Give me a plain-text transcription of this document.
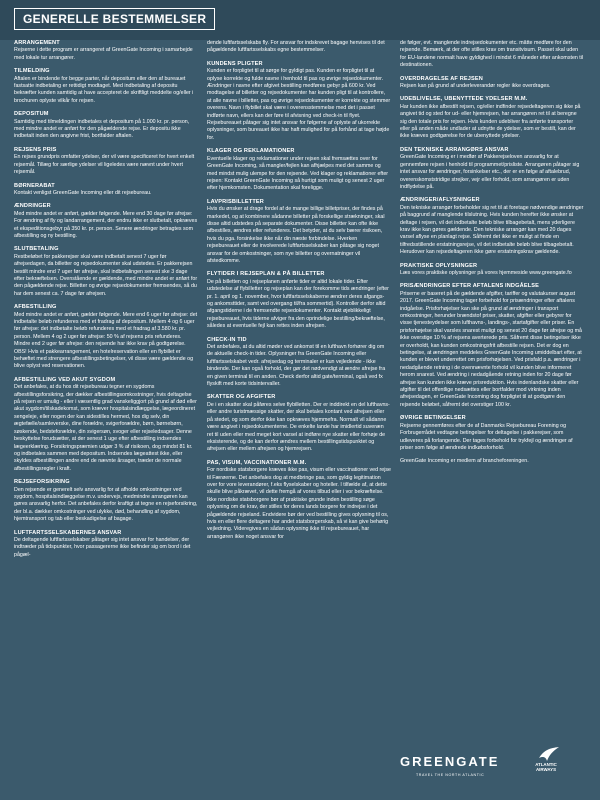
GENERELLE BESTEMMELSER
ARRANGEMENT
Rejserne i dette program er arrangeret af GreenGate Incoming i samarbejde med lokale tur arrangører.
TILMELDING
Aftalen er bindende for begge parter, når depositum eller den af bureauet fastsatte indbetaling er rettidigt modtaget. Med indbetaling af depositu bekræfter kunden samtidig at have accepteret de skriftligt meddelte og/eller i brochuren oplyste vilkår for rejsen.
DEPOSITUM
Samtidig med tilmeldingen indbetales et depositum på 1.000 kr. pr. person, med mindre andet er anført for den pågældende rejse. Er depositu ikke indbetalt inden den angivne frist, bortfalder aftalen.
REJSENS PRIS
En rejses grundpris omfatter ydelser, der vil være specificeret for hvert enkelt rejsemål. Tillæg for særlige ydelser vil ligeledes være nævnt under hvert rejsemål.
BØRNERABAT
Kontakt venligst GreenGate Incoming eller dit rejsebureau.
ÆNDRINGER
Med mindre andet er anført, gælder følgende. Mere end 30 dage før afrejse: For ændring af fly og landarrangement, der endnu ikke er slutbetalt, opkræves et ekspeditionsgebyr på 350 kr. pr. person. Senere ændringer betragtes som afbestilling og ny bestilling.
SLUTBETALING
Restbeløbet for pakkerejser skal være indbetalt senest 7 uger før afrejsedagen, da billetter og rejsedokumenter skal udstedes. Er pakkerejsen bestilt mindre end 7 uger før afrejse, skal indbetalingen senest ske 3 dage efter bekræftelsen. Ovenstående er gældende, med mindre andet er anført for den pågældende rejse. Billetter og øvrige rejsedokumenter fremsendes, så du har dem senest ca. 7 dage før afrejsen.
AFBESTILLING
Med mindre andet er anført, gælder følgende. Mere end 6 uger før afrejse: det indbetalte beløb refunderes med et fradrag af depositum. Mellem 4 og 6 uger før afrejse: det indbetalte beløb refunderes med et fradrag af 3.580 kr. pr. person. Mellem 4 og 2 uger før afrejse: 50 % af rejsens pris refunderes. Mindre end 2 uger før afrejse: den rejsende har ikke krav på godtgørelse. OBS! Hvis et pakkearrangement, en hotelreservation eller en flybillet er behæftet med strengere afbestillingsbetingelser, vil disse være gældende og blive oplyst ved reservationen.
AFBESTILLING VED AKUT SYGDOM
Det anbefales, at du hos dit rejsebureau tegner en sygdoms afbestillingsforsikring, der dækker afbestillingsomkostninger, hvis deltagelse på rejsen er umulig - eller i væsentlig grad vanskeliggjort på grund af død eller akut sygdom/tilskadekomst, som kræver hospitalsindlæggelse, lægeordineret sengeleje, eller nogen der kan sidestilles hermed, hos dig selv, din ægtefælle/samleverske, dine forældre, svigerforældre, børn, børnebørn, søskende, bedsteforældre, din svigersøn, svoger eller rejseledsager. Denne beskyttelse forudsætter, at der senest 1 uge efter afbestilling indsendes lægeerklæring. Forsikringspræmien udgør 3 % af risikoen, dog mindst 81 kr. og indbetales sammen med depositum. Indsendes lægeattest ikke, eller skyldes afbestillingen andre end de nævnte årsager, træder de normale afbestillingsregler i kraft.
REJSEFORSIKRING
Den rejsende er generelt selv ansvarlig for at afholde omkostninger ved sygdom, hospitalsindlæggelse m.v. undervejs, medmindre arrangøren kan gøres ansvarlig herfor. Det anbefales derfor kraftigt at tegne en rejseforsikring, der bl.a. dækker omkostninger ved ulykke, død, behandling af sygdom, hjemtransport og tab eller beskadigelse af bagage.
LUFTFARTSSELSKABERNES ANSVAR
De deltagende luftfartsselskaber påtager sig intet ansvar for handelser, der indtræder på tidspunkter, hvor passagererne ikke befinder sig om bord i det pågæl-
dende luftfartsselskabs fly. For ansvar for indskrevet bagage henvises til det pågældende luftfartsselskabs egne bestemmelser.
KUNDENS PLIGTER
Kunden er forpligtet til at sørge for gyldigt pas. Kunden er forpligtet til at oplyse korrekte og fulde navne i henhold til pas og øvrige rejsedokumenter. Ændringer i navne efter afgivet bestilling medføres gebyr på 600 kr. Ved modtagelse af billetter og rejsedokumenter har kunden pligt til at kontrollere, at alle navne i billetter, pas og øvrige rejsedokumenter er korrekte og stemmer overens. Navn i flybillet skal være i overensstemmelse med det i passet indførte navn, ellers kan der føre til afvisning ved check-in til flyet. Rejsebureauet påtager sig intet ansvar for følgerne af oplyste af ukorrekte oplysninger, som bureauet ikke har haft mulighed for på forhånd at tage højde for.
KLAGER OG REKLAMATIONER
Eventuelle klager og reklamationer under rejsen skal fremsættes over for GreenGate Incoming, så mangler/fejlen kan afhjælpes med det samme og med mindst mulig ulempe for den rejsende. Ved klager og reklamationer efter rejsen: Kontakt GreenGate Incoming så hurtigt som muligt og senest 2 uger efter hjemkomsten. Dokumentation skal foreligge.
LAVPRISBILLETTER
Hvis du ønsker at drage fordel af de mange billige billetpriser, der findes på markedet, og at kombinere sådanne billetter på forskellige strækninger, skal disse altid udstedes på separate dokumenter. Disse billetter kan ofte ikke afbestilles, ændres eller refunderes. Det betyder, at du selv bærer risikoen, hvis du pga. forsinkelse ikke når din næste forbindelse. Hverken rejsebureauet eller de involverede luftfartsselskaber kan påtage sig noget ansvar for de omkostninger, som nye billetter og overnatninger vil afstedkomme.
FLYTIDER I REJSEPLAN & PÅ BILLETTER
De på billetten og i rejseplanen anførte tider er altid lokale tider. Efter udstedelse af flybilletter og rejseplan kan der forekomme tids ændringer (efter pr. 1. april og 1. november, hvor luftfartsselskaberne ændrer deres afgangs- og ankomsttider, samt ved overgang til/fra sommertid). Kontroller derfor altid afgangstiderne i de fremsendte rejsedokumenter. Kontakt øjeblikkeligt rejsebureauet, hvis tiderne afviger fra den oprindelige bestilling/bekræftelse, således at eventuelle fejl kan rettes inden afrejsen.
CHECK-IN TID
Det anbefales, at du altid møder ved ankomst til en lufthavn forhører dig om de aktuelle check-in tider. Oplysninger fra GreenGate Incoming eller luftfartsselskabet vedr. afrejsedag og terminaler er kun vejledende - ikke bindende. Der kan også forhold, der gør det nødvendigt at ændre afrejse fra en given terminal til en anden. Check derfor altid gate/terminal, også ved fx flyskift med korte tidsintervaller.
SKATTER OG AFGIFTER
De i en skatter skal påføres selve flybilletten. Der er inddirekt en del lufthavns- eller andre turistmæssige skatter, der skal betales kontant ved afrejsen eller på stedet, og som derfor ikke kan opkræves hjemmefra. Normalt vil sådanne være angivet i rejsedokumenterne. De enkelte lande har imidlertid suveræn ret til uden eller med meget kort varsel at indføre nye skatter eller forhøje de eksisterende, og de kan derfor ændres mellem bestillingstidspunktet og afrejsen eller mellem afrejsen og hjemrejsen.
PAS, VISUM, VACCINATIONER M.M.
For nordiske statsborgere kræves ikke pas, visum eller vaccinationer ved rejse til Færøerne. Det anbefales dog at medbringe pas, som gyldig legitimation over for vore leverandører, f.eks flyselskaber og hoteller. I tilfælde af, at dette skulle blive påkrævet, vil dette fremgå af vores tilbud eller i vor bekræftelse. Ikke nordiske statsborgere bør af praktiske grunde inden bestilling søge oplysning om de krav, der stilles for deres lands borgere for indrejse i det pågældende rejseland. Endvidere bør der ved bestilling gives oplysning til os, hvis en eller flere deltagere har andet statsborgerskab, så vi kan give behørig vejledning. Videregives en sådan oplysning ikke til rejsebureauet, har arrangøren ikke noget ansvar for
de følger, evt. manglende indrejsedokumenter etc. måtte medføre for den rejsende. Bemærk, at der ofte stilles krav om transitvisum. Passet skal uden for EU-landene normalt have gyldighed i mindst 6 måneder efter ankomsten til destinationen.
OVERDRAGELSE AF REJSEN
Rejsen kan på grund af underleverandør regler ikke overdrages.
UDEBLIVELSE, UBENYTTEDE YDELSER M.M.
Har kunden ikke afbestilt rejsen, og/eller indfinder rejsedeltageren sig ikke på angivet tid og sted for ud- eller hjemrejsen, har arrangøren ret til at beregne sig den totale pris for rejsen. Hvis kunden udebliver fra anførte transporter eller på anden måde undlader at udnytte de ydelser, som er bestilt, kan der ikke kræves godtgørelse for de ubenyttede ydelser.
DEN TEKNISKE ARRANGØRS ANSVAR
GreenGate Incoming er i medfør af Pakkerejseloven ansvarlig for at gennemføre rejsen i henhold til programmet/prisliste. Arrangøren påtager sig intet ansvar for ændringer, forsinkelser etc., der er en følge af aftalebrud, overenskomststridige strejker, vejr eller forhold, som arrangøren er uden indflydelse på.
ÆNDRINGER/AFLYSNINGER
Den tekniske arrangør forbeholder sig ret til at foretage nødvendige ændringer på baggrund af manglende tilslutning. Hvis kunden herefter ikke ønsker at deltage i rejsen, vil det indbetalte beløb blive tilbagebetalt, mens yderligere krav ikke kan gøres gældende. Den tekniske arrangør kan med 20 dages varsel aflyse en planlagt rejse. Såfremt det ikke er muligt at finde en tilfredsstillende erstatningsrejse, vil det indbetalte beløb blive tilbagebetalt. Herudover kan rejsedeltageren ikke gøre erstatningskrav gældende.
PRAKTISKE OPLYSNINGER
Læs vores praktiske oplysninger på vores hjemmeside www.greengate.fo
PRISÆNDRINGER EFTER AFTALENS INDGÅELSE
Priserne er baseret på de gældende afgifter, tariffer og valutakurser august 2017. GreenGate Incoming tager forbehold for prisændringer efter aftalens indgåelse. Prisforhøjelser kan ske på grund af ændringer i transport omkostninger, herunder brændstof priser, skatter, afgifter eller gebyrer for visse tjenesteydelser som lufthavns-, landings-, startafgifter eller priser. En prisforhøjelse skal varsles snarest muligt og senest 20 dage før afrejse og må ikke overstige 10 % af rejsens averterede pris. Såfremt disse betingelser ikke er overholdt, kan kunden omkostningsfrit afbestille rejsen. Det er dog en betingelse, at ændringen meddeles GreenGate Incoming umiddelbart efter, at kunden er blevet underrettet om prisforhøjelsen. Ved prisfald p.a. ændringer i nedadgående retning i de ovennævnte forhold vil kunden blive informeret herom snarest. Ved ændring i nedadgående retning inden for 20 dage før afrejse kan kunden ikke kræve prisreduktion. Hvis indenlandske skatter eller afgifter til det offentlige nedsættes eller bortfalder mod virkning inden afrejsedagen, er GreenGate Incoming dog forpligtet til at godtgøre den rejsende beløbet, såfremt det overstiger 100 kr.
ØVRIGE BETINGELSER
Rejserne gennemføres efter de af Danmarks Rejsebureau Forening og Forbrugerrådet vedtagne betingelser for deltagelse i pakkerejser, som udleveres på forlangende. Der tages forbehold for trykfejl og ændringer af priser som følge af ændrede indkøbsforhold.
GreenGate Incoming er medlem af brancheforeningen.
GREENGATE
TRAVEL THE NORTH ATLANTIC
ATLANTIC
AIRWAYS
